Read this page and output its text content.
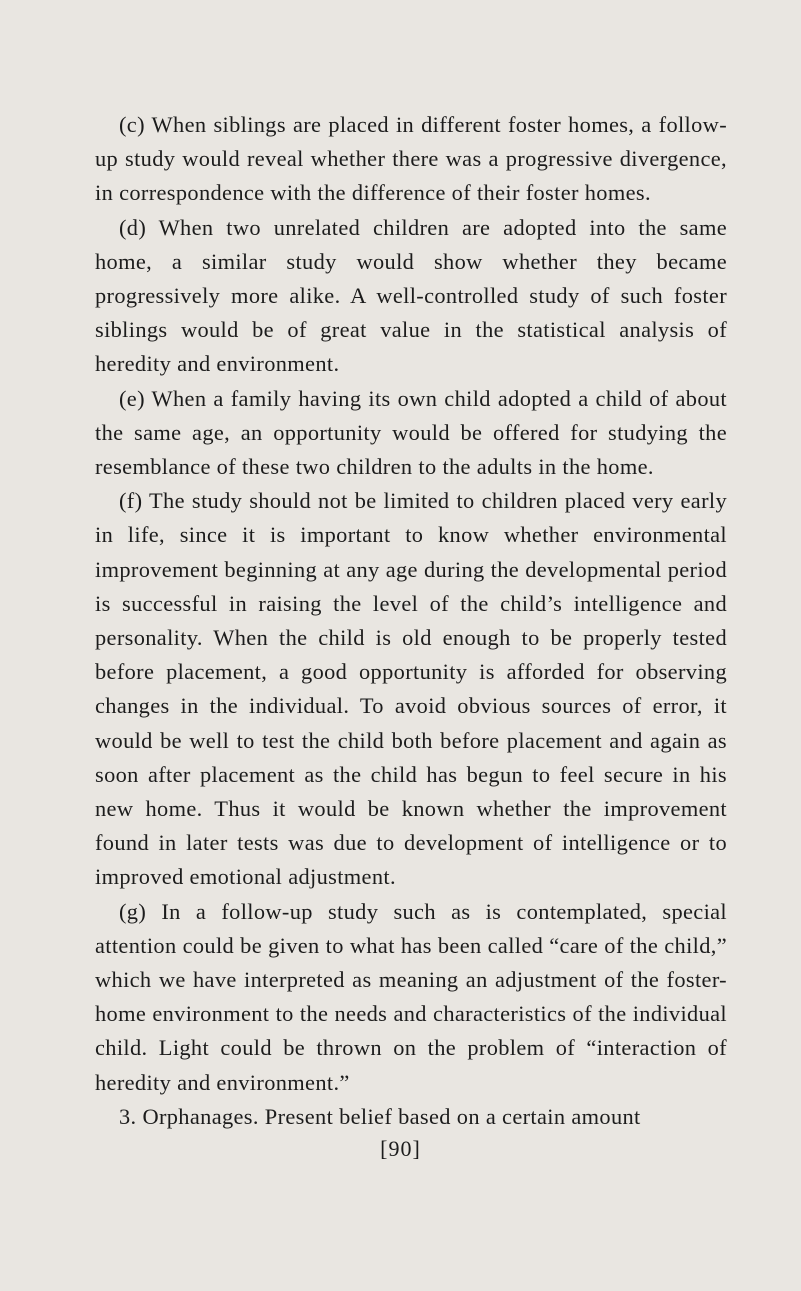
(c) When siblings are placed in different foster homes, a follow-up study would reveal whether there was a progressive divergence, in correspondence with the difference of their foster homes.

(d) When two unrelated children are adopted into the same home, a similar study would show whether they became progressively more alike. A well-controlled study of such foster siblings would be of great value in the statistical analysis of heredity and environment.

(e) When a family having its own child adopted a child of about the same age, an opportunity would be offered for studying the resemblance of these two children to the adults in the home.

(f) The study should not be limited to children placed very early in life, since it is important to know whether environmental improvement beginning at any age during the developmental period is successful in raising the level of the child’s intelligence and personality. When the child is old enough to be properly tested before placement, a good opportunity is afforded for observing changes in the individual. To avoid obvious sources of error, it would be well to test the child both before placement and again as soon after placement as the child has begun to feel secure in his new home. Thus it would be known whether the improvement found in later tests was due to development of intelligence or to improved emotional adjustment.

(g) In a follow-up study such as is contemplated, special attention could be given to what has been called “care of the child,” which we have interpreted as meaning an adjustment of the foster-home environment to the needs and characteristics of the individual child. Light could be thrown on the problem of “interaction of heredity and environment.”

3. Orphanages. Present belief based on a certain amount

[90]
